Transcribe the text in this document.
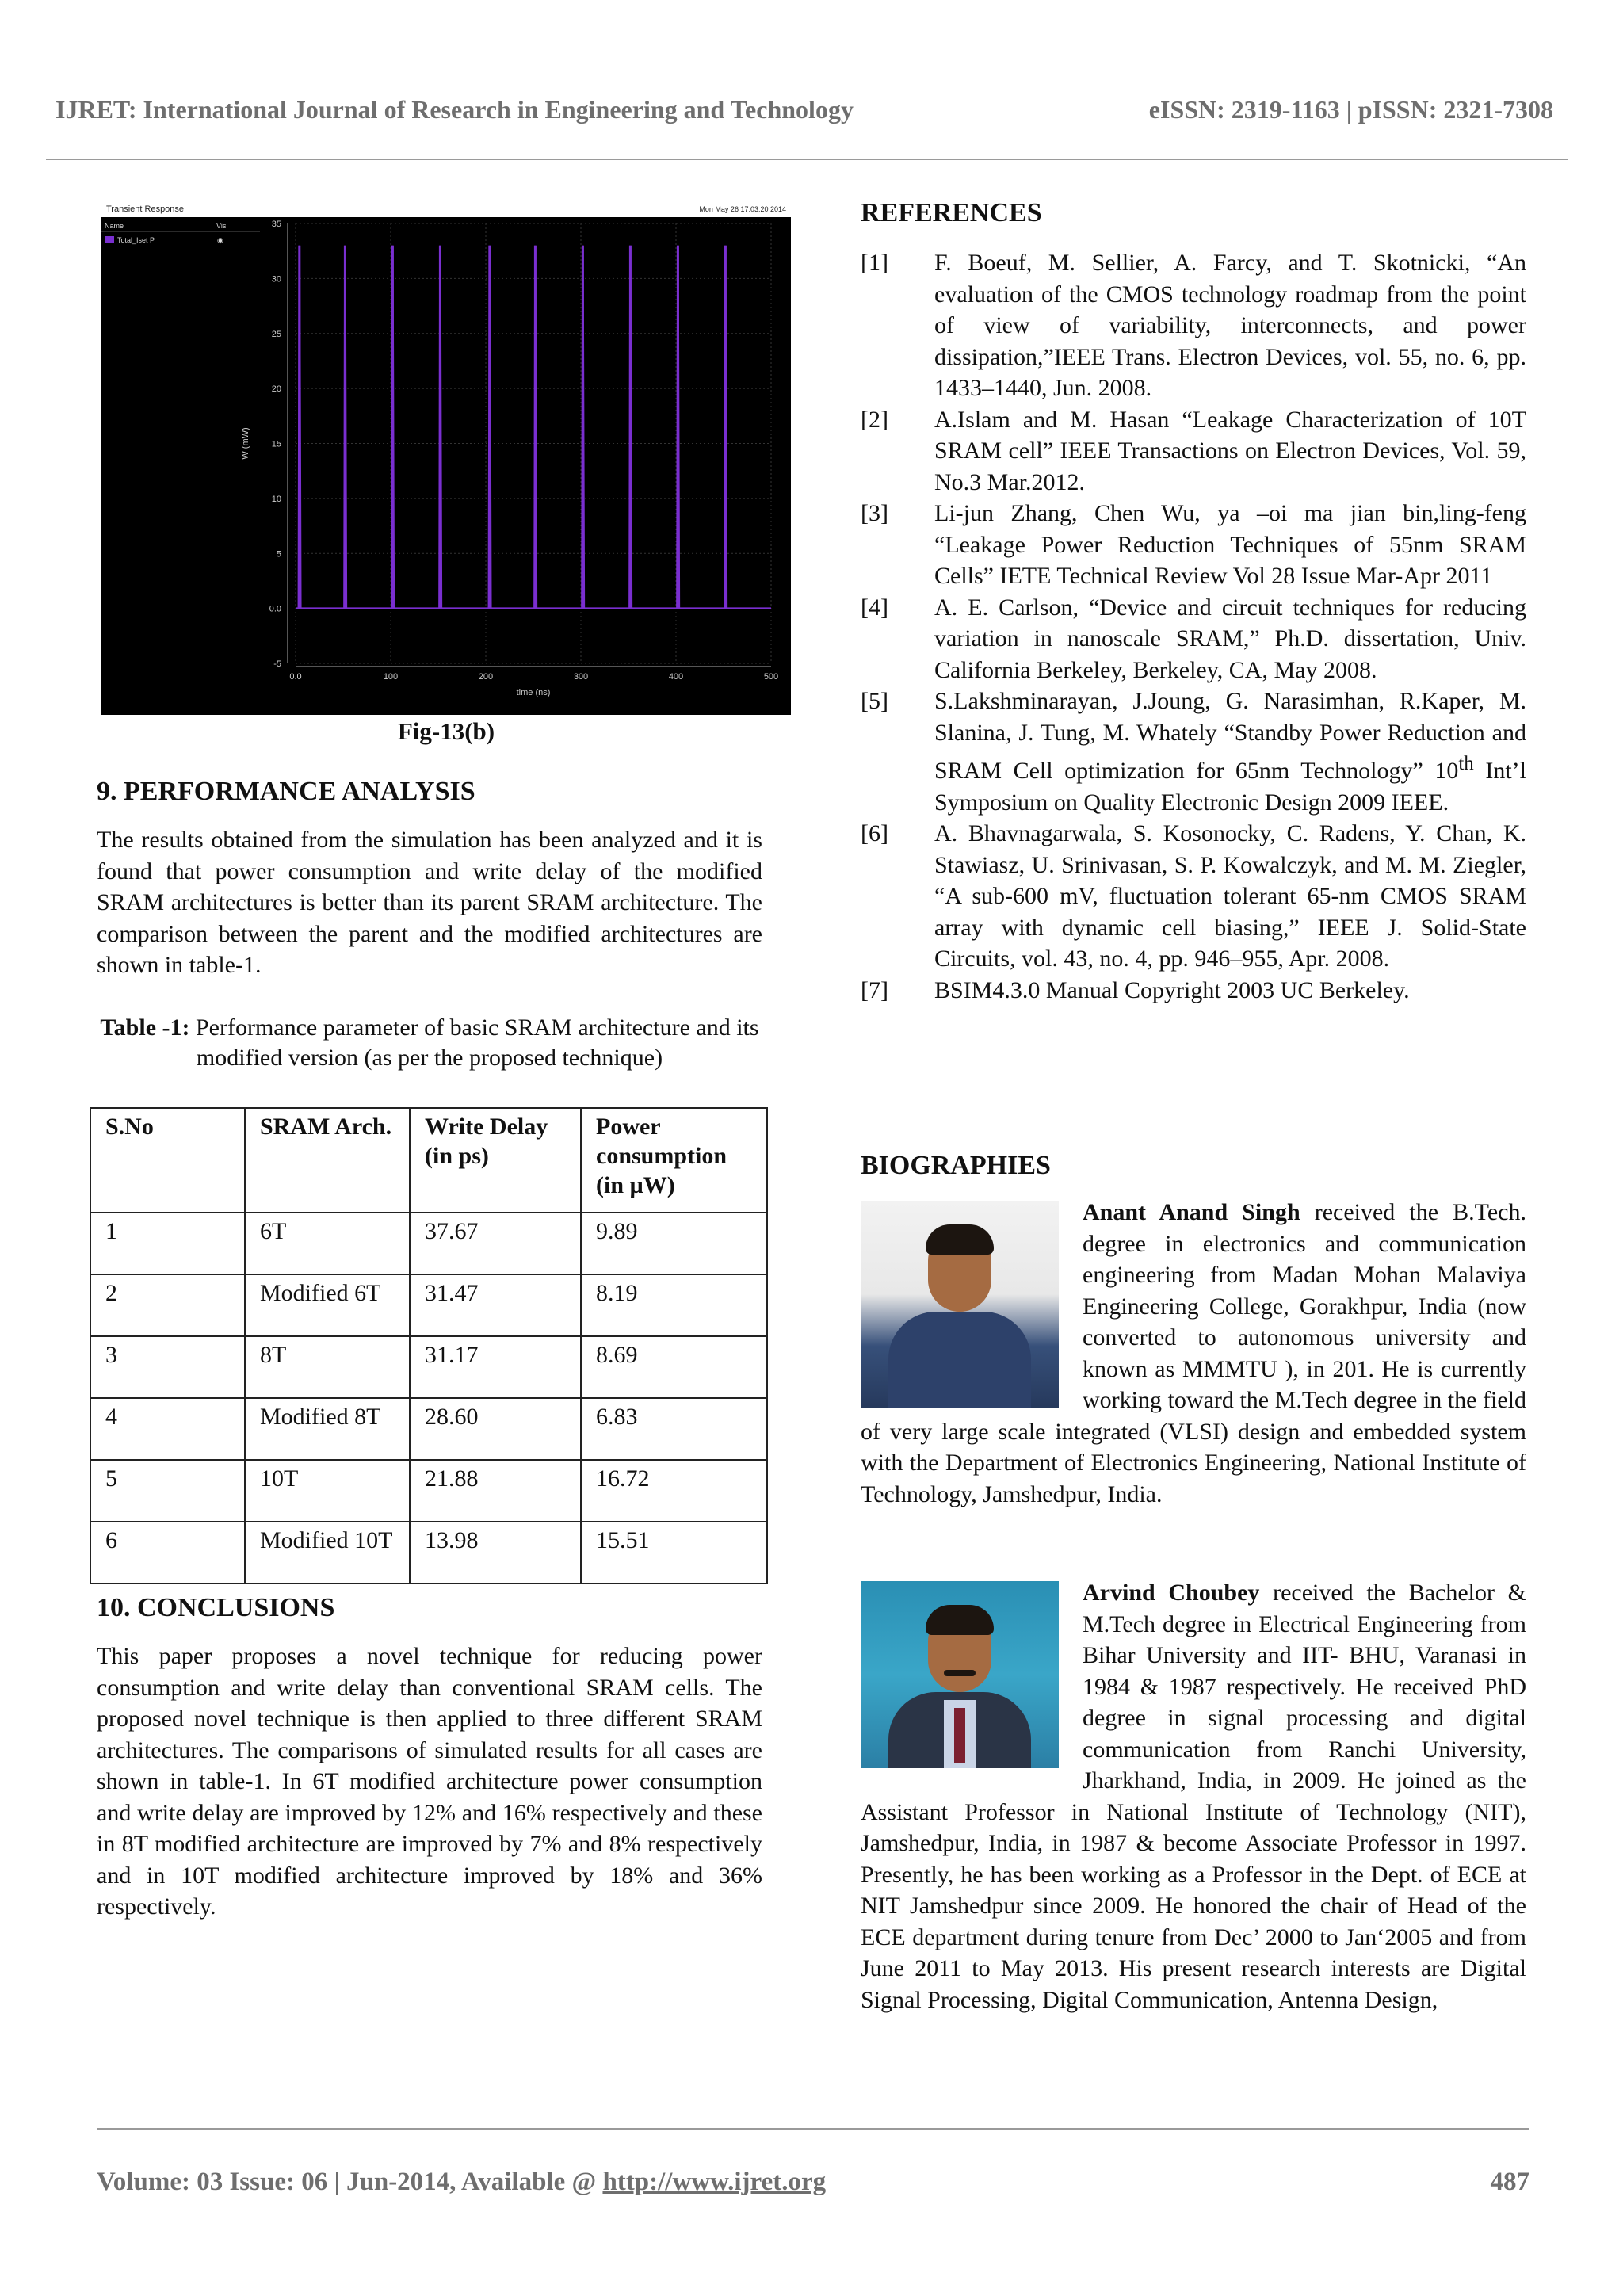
IJRET: International Journal of Research in Engineering and Technology	eISSN: 2319-1163 | pISSN: 2321-7308
Transient Response	Mon May 26 17:03:20 2014
Name	Vis
Total_Iset P	◉
-5
0.0
5
10
15
20
25
30
35
0.0	100	200	300	400	500
W (mW)
time (ns)
Fig-13(b)
9. PERFORMANCE ANALYSIS

The results obtained from the simulation has been analyzed and it is found that power consumption and write delay of the modified SRAM architectures is better than its parent SRAM architecture. The comparison between the parent and the modified architectures are shown in table-1.

Table -1: Performance parameter of basic SRAM architecture and its modified version (as per the proposed technique)
S.No	SRAM Arch.	Write Delay (in ps)	Power consumption (in µW)
1	6T	37.67	9.89
2	Modified 6T	31.47	8.19
3	8T	31.17	8.69
4	Modified 8T	28.60	6.83
5	10T	21.88	16.72
6	Modified 10T	13.98	15.51
10. CONCLUSIONS

This paper proposes a novel technique for reducing power consumption and write delay than conventional SRAM cells. The proposed novel technique is then applied to three different SRAM architectures. The comparisons of simulated results for all cases are shown in table-1. In 6T modified architecture power consumption and write delay are improved by 12% and 16% respectively and these in 8T modified architecture are improved by 7% and 8% respectively and in 10T modified architecture improved by 18% and 36% respectively.

REFERENCES
[1] F. Boeuf, M. Sellier, A. Farcy, and T. Skotnicki, “An evaluation of the CMOS technology roadmap from the point of view of variability, interconnects, and power dissipation,”IEEE Trans. Electron Devices, vol. 55, no. 6, pp. 1433–1440, Jun. 2008.
[2] A.Islam and M. Hasan “Leakage Characterization of 10T SRAM cell” IEEE Transactions on Electron Devices, Vol. 59, No.3 Mar.2012.
[3] Li-jun Zhang, Chen Wu, ya –oi ma jian bin,ling-feng “Leakage Power Reduction Techniques of 55nm SRAM Cells” IETE Technical Review Vol 28 Issue Mar-Apr 2011
[4] A. E. Carlson, “Device and circuit techniques for reducing variation in nanoscale SRAM,” Ph.D. dissertation, Univ. California Berkeley, Berkeley, CA, May 2008.
[5] S.Lakshminarayan, J.Joung, G. Narasimhan, R.Kaper, M. Slanina, J. Tung, M. Whately “Standby Power Reduction and SRAM Cell optimization for 65nm Technology” 10th Int’l Symposium on Quality Electronic Design 2009 IEEE.
[6] A. Bhavnagarwala, S. Kosonocky, C. Radens, Y. Chan, K. Stawiasz, U. Srinivasan, S. P. Kowalczyk, and M. M. Ziegler, “A sub-600 mV, fluctuation tolerant 65-nm CMOS SRAM array with dynamic cell biasing,” IEEE J. Solid-State Circuits, vol. 43, no. 4, pp. 946–955, Apr. 2008.
[7] BSIM4.3.0 Manual Copyright 2003 UC Berkeley.
BIOGRAPHIES
Anant Anand Singh received the B.Tech. degree in electronics and communication engineering from Madan Mohan Malaviya Engineering College, Gorakhpur, India (now converted to autonomous university and known as MMMTU ), in 201. He is currently working toward the M.Tech degree in the field of very large scale integrated (VLSI) design and embedded system with the Department of Electronics Engineering, National Institute of Technology, Jamshedpur, India.
Arvind Choubey received the Bachelor & M.Tech degree in Electrical Engineering from Bihar University and IIT- BHU, Varanasi in 1984 & 1987 respectively. He received PhD degree in signal processing and digital communication from Ranchi University, Jharkhand, India, in 2009. He joined as the Assistant Professor in National Institute of Technology (NIT), Jamshedpur, India, in 1987 & become Associate Professor in 1997. Presently, he has been working as a Professor in the Dept. of ECE at NIT Jamshedpur since 2009. He honored the chair of Head of the ECE department during tenure from Dec’ 2000 to Jan‘2005 and from June 2011 to May 2013. His present research interests are Digital Signal Processing, Digital Communication, Antenna Design,
Volume: 03 Issue: 06 | Jun-2014, Available @ http://www.ijret.org	487
